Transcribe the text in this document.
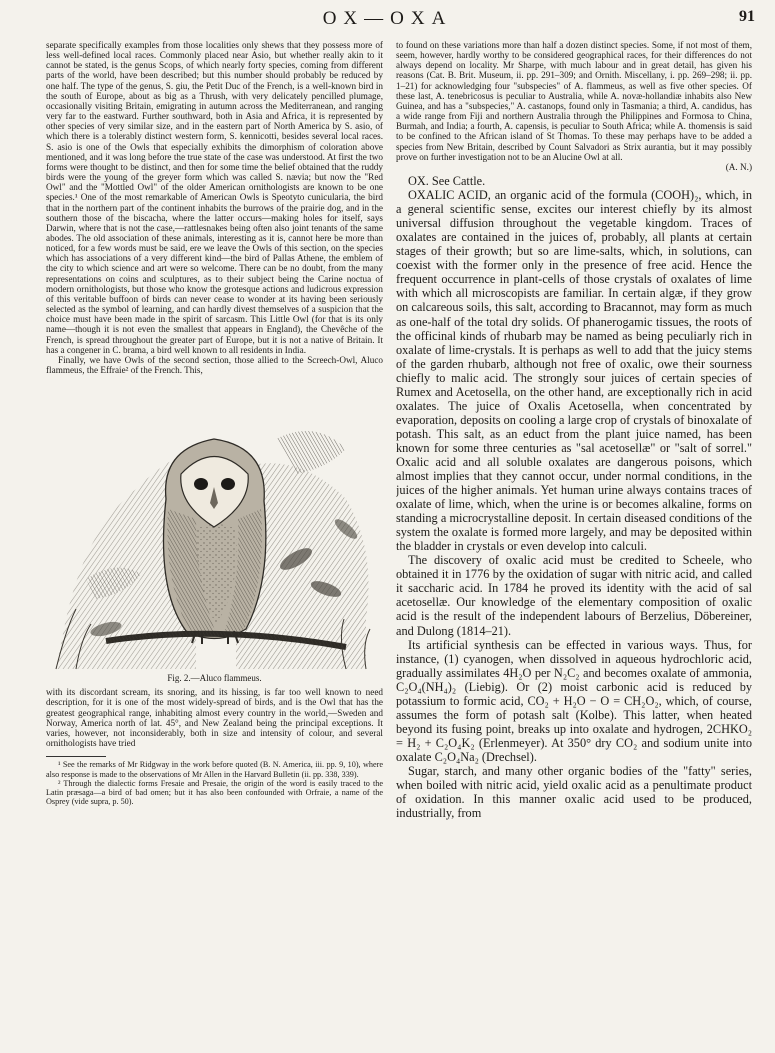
OX—OXA	91

separate specifically examples from those localities only shews that they possess more of less well-defined local races. Commonly placed near Asio, but whether really akin to it cannot be stated, is the genus Scops, of which nearly forty species, coming from different parts of the world, have been described; but this number should probably be reduced by one half. The type of the genus, S. giu, the Petit Duc of the French, is a well-known bird in the south of Europe, about as big as a Thrush, with very delicately pencilled plumage, occasionally visiting Britain, emigrating in autumn across the Mediterranean, and ranging very far to the eastward. Further southward, both in Asia and Africa, it is represented by other species of very similar size, and in the eastern part of North America by S. asio, of which there is a tolerably distinct western form, S. kennicotti, besides several local races. S. asio is one of the Owls that especially exhibits the dimorphism of coloration above mentioned, and it was long before the true state of the case was understood. At first the two forms were thought to be distinct, and then for some time the belief obtained that the ruddy birds were the young of the greyer form which was called S. nævia; but now the "Red Owl" and the "Mottled Owl" of the older American ornithologists are known to be one species.¹ One of the most remarkable of American Owls is Speotyto cunicularia, the bird that in the northern part of the continent inhabits the burrows of the prairie dog, and in the southern those of the biscacha, where the latter occurs—making holes for itself, says Darwin, where that is not the case,—rattlesnakes being often also joint tenants of the same abodes. The old association of these animals, interesting as it is, cannot here be more than noticed, for a few words must be said, ere we leave the Owls of this section, on the species which has associations of a very different kind—the bird of Pallas Athene, the emblem of the city to which science and art were so welcome. There can be no doubt, from the many representations on coins and sculptures, as to their subject being the Carine noctua of modern ornithologists, but those who know the grotesque actions and ludicrous expression of this veritable buffoon of birds can never cease to wonder at its having been seriously selected as the symbol of learning, and can hardly divest themselves of a suspicion that the choice must have been made in the spirit of sarcasm. This Little Owl (for that is its only name—though it is not even the smallest that appears in England), the Chevêche of the French, is spread throughout the greater part of Europe, but it is not a native of Britain. It has a congener in C. brama, a bird well known to all residents in India.

Finally, we have Owls of the second section, those allied to the Screech-Owl, Aluco flammeus, the Effraie² of the French. This,

Fig. 2.—Aluco flammeus.

with its discordant scream, its snoring, and its hissing, is far too well known to need description, for it is one of the most widely-spread of birds, and is the Owl that has the greatest geographical range, inhabiting almost every country in the world,—Sweden and Norway, America north of lat. 45°, and New Zealand being the principal exceptions. It varies, however, not inconsiderably, both in size and intensity of colour, and several ornithologists have tried

¹ See the remarks of Mr Ridgway in the work before quoted (B. N. America, iii. pp. 9, 10), where also response is made to the observations of Mr Allen in the Harvard Bulletin (ii. pp. 338, 339).

² Through the dialectic forms Fresaie and Presaie, the origin of the word is easily traced to the Latin præsaga—a bird of bad omen; but it has also been confounded with Orfraie, a name of the Osprey (vide supra, p. 50).

to found on these variations more than half a dozen distinct species. Some, if not most of them, seem, however, hardly worthy to be considered geographical races, for their differences do not always depend on locality. Mr Sharpe, with much labour and in great detail, has given his reasons (Cat. B. Brit. Museum, ii. pp. 291–309; and Ornith. Miscellany, i. pp. 269–298; ii. pp. 1–21) for acknowledging four "subspecies" of A. flammeus, as well as five other species. Of these last, A. tenebricosus is peculiar to Australia, while A. novæ-hollandiæ inhabits also New Guinea, and has a "subspecies," A. castanops, found only in Tasmania; a third, A. candidus, has a wide range from Fiji and northern Australia through the Philippines and Formosa to China, Burmah, and India; a fourth, A. capensis, is peculiar to South Africa; while A. thomensis is said to be confined to the African island of St Thomas. To these may perhaps have to be added a species from New Britain, described by Count Salvadori as Strix aurantia, but it may possibly prove on further investigation not to be an Alucine Owl at all.

(A. N.)

OX. See Cattle.

OXALIC ACID, an organic acid of the formula (COOH)₂, which, in a general scientific sense, excites our interest chiefly by its almost universal diffusion throughout the vegetable kingdom. Traces of oxalates are contained in the juices of, probably, all plants at certain stages of their growth; but so are lime-salts, which, in solutions, can coexist with the former only in the presence of free acid. Hence the frequent occurrence in plant-cells of those crystals of oxalates of lime with which all microscopists are familiar. In certain algæ, if they grow on calcareous soils, this salt, according to Bracannot, may form as much as one-half of the total dry solids. Of phanerogamic tissues, the roots of the officinal kinds of rhubarb may be named as being peculiarly rich in oxalate of lime-crystals. It is perhaps as well to add that the juicy stems of the garden rhubarb, although not free of oxalic, owe their sourness chiefly to malic acid. The strongly sour juices of certain species of Rumex and Acetosella, on the other hand, are exceptionally rich in acid oxalates. The juice of Oxalis Acetosella, when concentrated by evaporation, deposits on cooling a large crop of crystals of binoxalate of potash. This salt, as an educt from the plant juice named, has been known for some three centuries as "sal acetosellæ" or "salt of sorrel." Oxalic acid and all soluble oxalates are dangerous poisons, which almost implies that they cannot occur, under normal conditions, in the juices of the higher animals. Yet human urine always contains traces of oxalate of lime, which, when the urine is or becomes alkaline, forms on standing a microcrystalline deposit. In certain diseased conditions of the system the oxalate is formed more largely, and may be deposited within the bladder in crystals or even develop into calculi.

The discovery of oxalic acid must be credited to Scheele, who obtained it in 1776 by the oxidation of sugar with nitric acid, and called it saccharic acid. In 1784 he proved its identity with the acid of sal acetosellæ. Our knowledge of the elementary composition of oxalic acid is the result of the independent labours of Berzelius, Döbereiner, and Dulong (1814–21).

Its artificial synthesis can be effected in various ways. Thus, for instance, (1) cyanogen, when dissolved in aqueous hydrochloric acid, gradually assimilates 4H₂O per N₂C₂ and becomes oxalate of ammonia, C₂O₄(NH₄)₂ (Liebig). Or (2) moist carbonic acid is reduced by potassium to formic acid, CO₂ + H₂O − O = CH₂O₂, which, of course, assumes the form of potash salt (Kolbe). This latter, when heated beyond its fusing point, breaks up into oxalate and hydrogen, 2CHKO₂ = H₂ + C₂O₄K₂ (Erlenmeyer). At 350° dry CO₂ and sodium unite into oxalate C₂O₄Na₂ (Drechsel).

Sugar, starch, and many other organic bodies of the "fatty" series, when boiled with nitric acid, yield oxalic acid as a penultimate product of oxidation. In this manner oxalic acid used to be produced, industrially, from
